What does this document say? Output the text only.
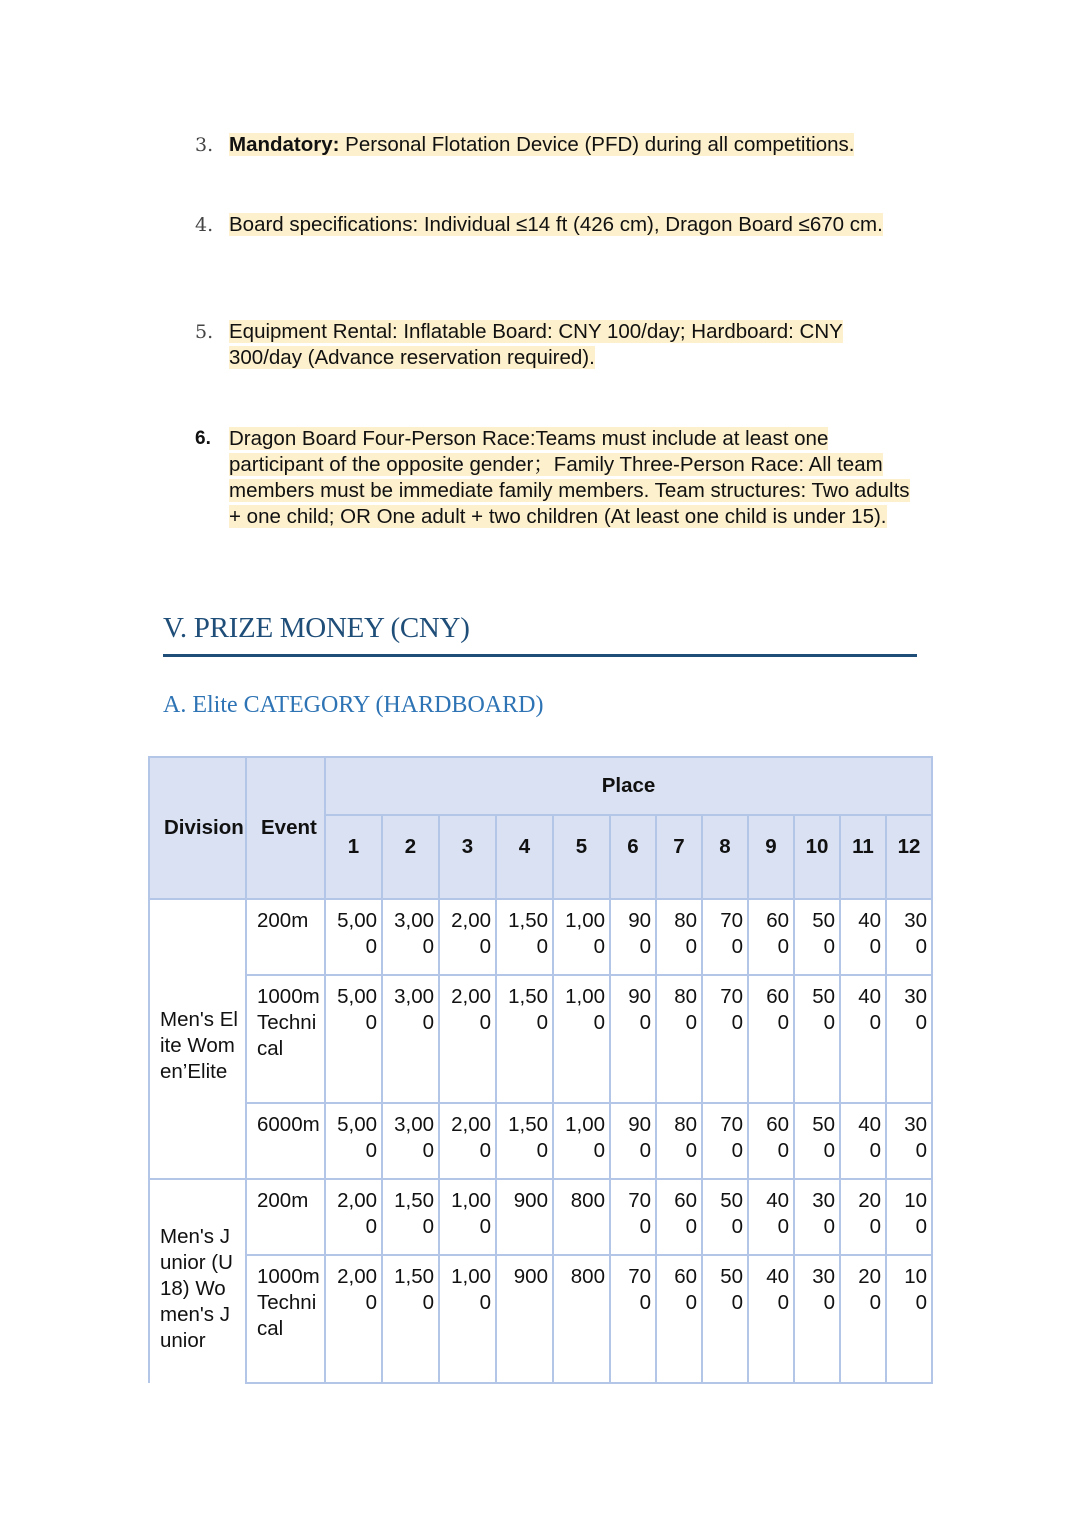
3. Mandatory: Personal Flotation Device (PFD) during all competitions.
4. Board specifications: Individual ≤14 ft (426 cm), Dragon Board ≤670 cm.
5. Equipment Rental: Inflatable Board: CNY 100/day; Hardboard: CNY 300/day (Advance reservation required).
6. Dragon Board Four-Person Race:Teams must include at least one participant of the opposite gender；Family Three-Person Race: All team members must be immediate family members. Team structures: Two adults + one child; OR One adult + two children (At least one child is under 15).
V. PRIZE MONEY (CNY)
A. Elite CATEGORY (HARDBOARD)
Division	Event	Place											
		1	2	3	4	5	6	7	8	9	10	11	12
Men's Elite Women’Elite	200m	5,000	3,000	2,000	1,500	1,000	900	800	700	600	500	400	300
	1000m Technical	5,000	3,000	2,000	1,500	1,000	900	800	700	600	500	400	300
	6000m	5,000	3,000	2,000	1,500	1,000	900	800	700	600	500	400	300
Men's Junior (U18) Women's Junior	200m	2,000	1,500	1,000	900	800	700	600	500	400	300	200	100
	1000m Technical	2,000	1,500	1,000	900	800	700	600	500	400	300	200	100
